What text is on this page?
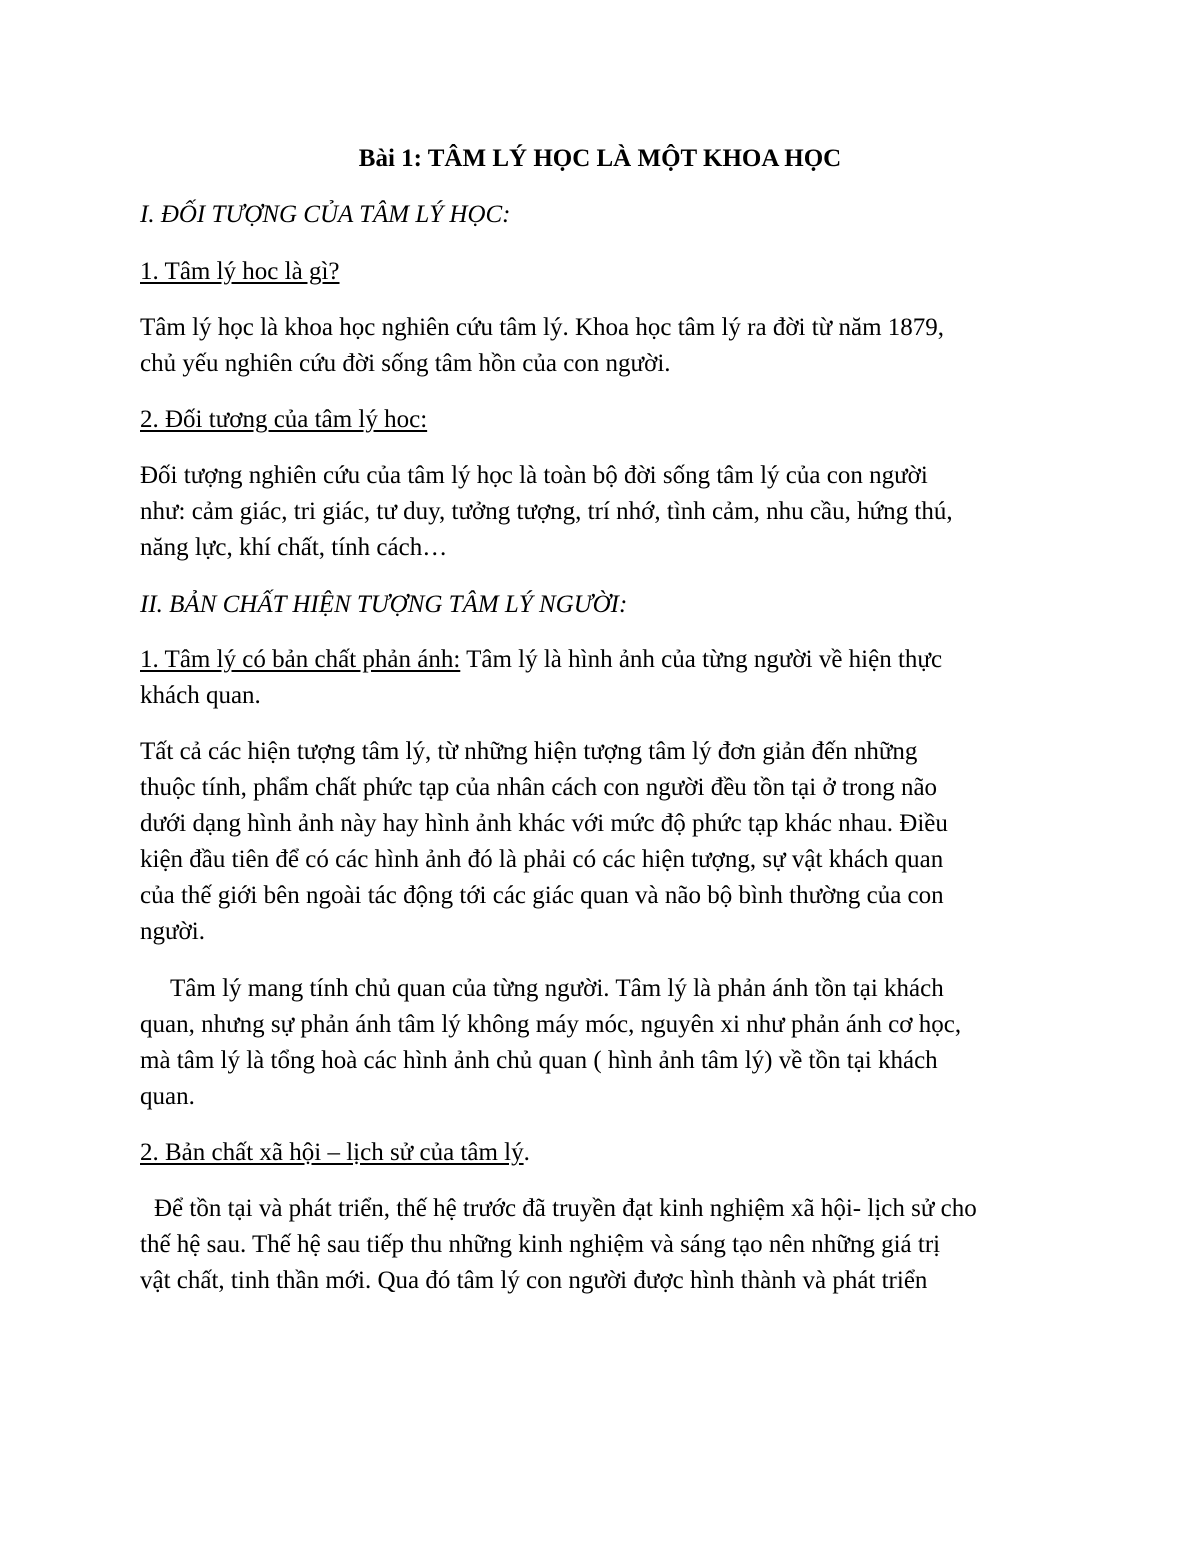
Bài 1: TÂM LÝ HỌC LÀ MỘT KHOA HỌC
I. ĐỐI TƯỢNG CỦA TÂM LÝ HỌC:
1. Tâm lý hoc là gì?
Tâm lý học là khoa học nghiên cứu tâm lý. Khoa học tâm lý ra đời từ năm 1879,
chủ yếu nghiên cứu đời sống tâm hồn của con người.
2. Đối tương của tâm lý hoc:
Đối tượng nghiên cứu của tâm lý học là toàn bộ đời sống tâm lý của con người
như: cảm giác, tri giác, tư duy, tưởng tượng, trí nhớ, tình cảm, nhu cầu, hứng thú,
năng lực, khí chất, tính cách…
II. BẢN CHẤT HIỆN TƯỢNG TÂM LÝ NGƯỜI:
1. Tâm lý có bản chất phản ánh: Tâm lý là hình ảnh của từng người về hiện thực
khách quan.
Tất cả các hiện tượng tâm lý, từ những hiện tượng tâm lý đơn giản đến những
thuộc tính, phẩm chất phức tạp của nhân cách con người đều tồn tại ở trong não
dưới dạng hình ảnh này hay hình ảnh khác với mức độ phức tạp khác nhau. Điều
kiện đầu tiên để có các hình ảnh đó là phải có các hiện tượng, sự vật khách quan
của thế giới bên ngoài tác động tới các giác quan và não bộ bình thường của con
người.
Tâm lý mang tính chủ quan của từng người. Tâm lý là phản ánh tồn tại khách
quan, nhưng sự phản ánh tâm lý không máy móc, nguyên xi như phản ánh cơ học,
mà tâm lý là tổng hoà các hình ảnh chủ quan ( hình ảnh tâm lý) về tồn tại khách
quan.
2. Bản chất xã hội – lịch sử của tâm lý.
Để tồn tại và phát triển, thế hệ trước đã truyền đạt kinh nghiệm xã hội- lịch sử cho
thế hệ sau. Thế hệ sau tiếp thu những kinh nghiệm và sáng tạo nên những giá trị
vật chất, tinh thần mới. Qua đó tâm lý con người được hình thành và phát triển
